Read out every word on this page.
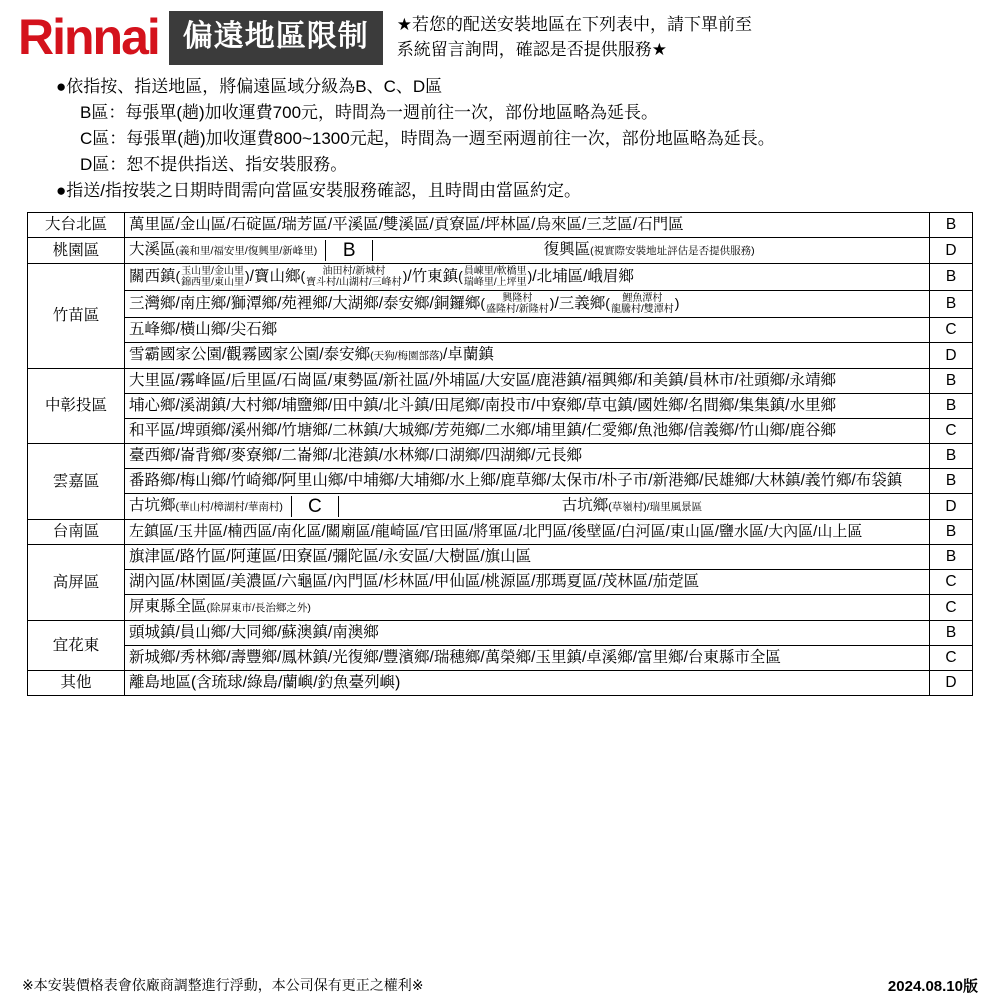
Rinnai 偏遠地區限制	★若您的配送安裝地區在下列表中，請下單前至
系統留言詢問，確認是否提供服務★
●依指按、指送地區，將偏遠區域分級為B、C、D區
B區：每張單(趟)加收運費700元，時間為一週前往一次，部份地區略為延長。
C區：每張單(趟)加收運費800~1300元起，時間為一週至兩週前往一次，部份地區略為延長。
D區：恕不提供指送、指安裝服務。
●指送/指按裝之日期時間需向當區安裝服務確認，且時間由當區約定。
大台北區	萬里區/金山區/石碇區/瑞芳區/平溪區/雙溪區/貢寮區/坪林區/烏來區/三芝區/石門區	B
桃園區	大溪區(義和里/福安里/復興里/新峰里) B 復興區(視實際安裝地址評估是否提供服務)	D
竹苗區	關西鎮(玉山里/金山里
錦西里/東山里)/寶山鄉( 油田村/新城村
寶斗村/山湖村/三峰村)/竹東鎮(員崠里/軟橋里
瑞峰里/上坪里)/北埔區/峨眉鄉	B
	三灣鄉/南庄鄉/獅潭鄉/苑裡鄉/大湖鄉/泰安鄉/銅鑼鄉( 興隆村
盛隆村/新隆村)/三義鄉( 鯉魚潭村
龍騰村/雙潭村)	B
	五峰鄉/橫山鄉/尖石鄉	C
	雪霸國家公園/觀霧國家公園/泰安鄉(天狗/梅園部落)/卓蘭鎮	D
中彰投區	大里區/霧峰區/后里區/石崗區/東勢區/新社區/外埔區/大安區/鹿港鎮/福興鄉/和美鎮/員林市/社頭鄉/永靖鄉	B
	埔心鄉/溪湖鎮/大村鄉/埔鹽鄉/田中鎮/北斗鎮/田尾鄉/南投市/中寮鄉/草屯鎮/國姓鄉/名間鄉/集集鎮/水里鄉	B
	和平區/埤頭鄉/溪州鄉/竹塘鄉/二林鎮/大城鄉/芳苑鄉/二水鄉/埔里鎮/仁愛鄉/魚池鄉/信義鄉/竹山鄉/鹿谷鄉	C
雲嘉區	臺西鄉/崙背鄉/麥寮鄉/二崙鄉/北港鎮/水林鄉/口湖鄉/四湖鄉/元長鄉	B
	番路鄉/梅山鄉/竹崎鄉/阿里山鄉/中埔鄉/大埔鄉/水上鄉/鹿草鄉/太保市/朴子市/新港鄉/民雄鄉/大林鎮/義竹鄉/布袋鎮	B

	古坑鄉(華山村/樟湖村/華南村) C 古坑鄉(草嶺村)/瑞里風景區	D
台南區	左鎮區/玉井區/楠西區/南化區/關廟區/龍崎區/官田區/將軍區/北門區/後壁區/白河區/東山區/鹽水區/大內區/山上區	B
高屏區	旗津區/路竹區/阿蓮區/田寮區/彌陀區/永安區/大樹區/旗山區	B
	湖內區/林園區/美濃區/六龜區/內門區/杉林區/甲仙區/桃源區/那瑪夏區/茂林區/茄萣區	C
	屏東縣全區(除屏東市/長治鄉之外)	C
宜花東	頭城鎮/員山鄉/大同鄉/蘇澳鎮/南澳鄉	B
	新城鄉/秀林鄉/壽豐鄉/鳳林鎮/光復鄉/豐濱鄉/瑞穗鄉/萬榮鄉/玉里鎮/卓溪鄉/富里鄉/台東縣市全區	C
其他	離島地區(含琉球/綠島/蘭嶼/釣魚臺列嶼)	D
※本安裝價格表會依廠商調整進行浮動，本公司保有更正之權利※	2024.08.10版
